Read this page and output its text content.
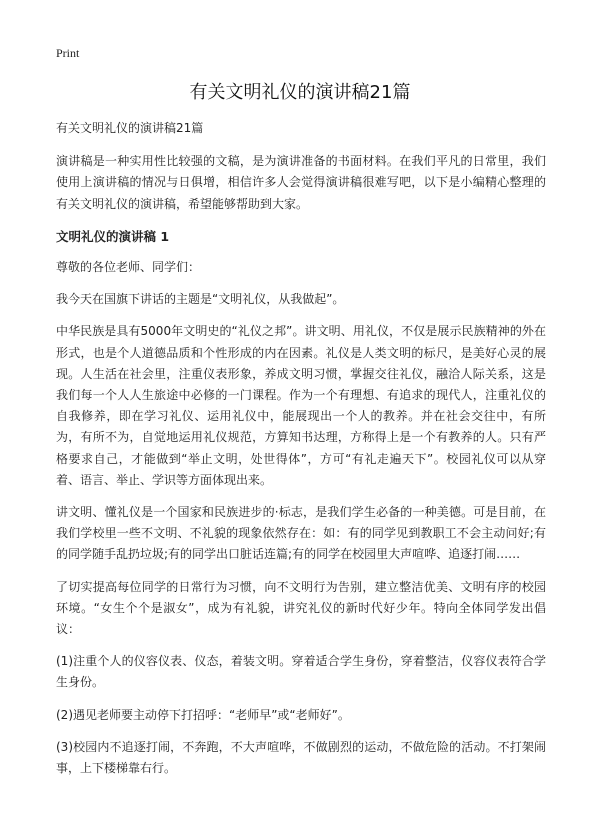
Print
有关文明礼仪的演讲稿21篇

有关文明礼仪的演讲稿21篇

演讲稿是一种实用性比较强的文稿，是为演讲准备的书面材料。在我们平凡的日常里，我们使用上演讲稿的情况与日俱增，相信许多人会觉得演讲稿很难写吧，以下是小编精心整理的有关文明礼仪的演讲稿，希望能够帮助到大家。

文明礼仪的演讲稿 1

尊敬的各位老师、同学们：

我今天在国旗下讲话的主题是“文明礼仪，从我做起”。

中华民族是具有5000年文明史的“礼仪之邦”。讲文明、用礼仪，不仅是展示民族精神的外在形式，也是个人道德品质和个性形成的内在因素。礼仪是人类文明的标尺，是美好心灵的展现。人生活在社会里，注重仪表形象，养成文明习惯，掌握交往礼仪，融洽人际关系，这是我们每一个人人生旅途中必修的一门课程。作为一个有理想、有追求的现代人，注重礼仪的自我修养，即在学习礼仪、运用礼仪中，能展现出一个人的教养。并在社会交往中，有所为，有所不为，自觉地运用礼仪规范，方算知书达理，方称得上是一个有教养的人。只有严格要求自己，才能做到“举止文明，处世得体”，方可“有礼走遍天下”。校园礼仪可以从穿着、语言、举止、学识等方面体现出来。

讲文明、懂礼仪是一个国家和民族进步的·标志，是我们学生必备的一种美德。可是目前，在我们学校里一些不文明、不礼貌的现象依然存在：如：有的同学见到教职工不会主动问好;有的同学随手乱扔垃圾;有的同学出口脏话连篇;有的同学在校园里大声喧哗、追逐打闹……

了切实提高每位同学的日常行为习惯，向不文明行为告别，建立整洁优美、文明有序的校园环境。“女生个个是淑女”，成为有礼貌，讲究礼仪的新时代好少年。特向全体同学发出倡议：

(1)注重个人的仪容仪表、仪态，着装文明。穿着适合学生身份，穿着整洁，仪容仪表符合学生身份。

(2)遇见老师要主动停下打招呼：“老师早”或“老师好”。

(3)校园内不追逐打闹，不奔跑，不大声喧哗，不做剧烈的运动，不做危险的活动。不打架闹事，上下楼梯靠右行。
